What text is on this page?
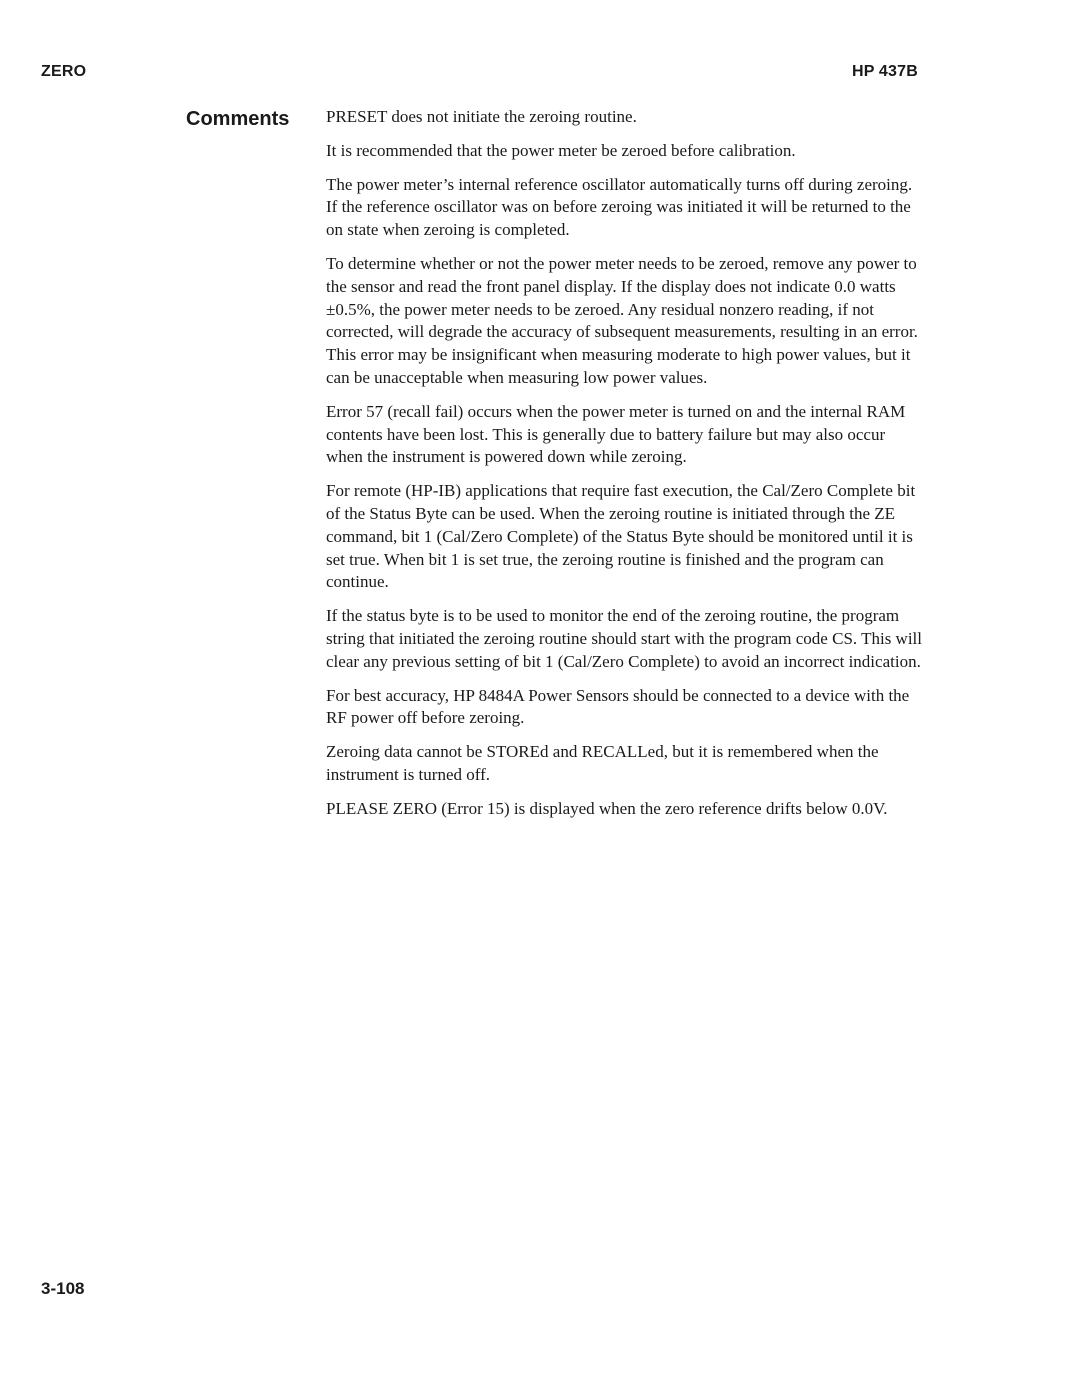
ZERO	HP 437B
Comments PRESET does not initiate the zeroing routine.

It is recommended that the power meter be zeroed before calibration.

The power meter’s internal reference oscillator automatically turns off during zeroing. If the reference oscillator was on before zeroing was initiated it will be returned to the on state when zeroing is completed.

To determine whether or not the power meter needs to be zeroed, remove any power to the sensor and read the front panel display. If the display does not indicate 0.0 watts ±0.5%, the power meter needs to be zeroed. Any residual nonzero reading, if not corrected, will degrade the accuracy of subsequent measurements, resulting in an error. This error may be insignificant when measuring moderate to high power values, but it can be unacceptable when measuring low power values.

Error 57 (recall fail) occurs when the power meter is turned on and the internal RAM contents have been lost. This is generally due to battery failure but may also occur when the instrument is powered down while zeroing.

For remote (HP-IB) applications that require fast execution, the Cal/Zero Complete bit of the Status Byte can be used. When the zeroing routine is initiated through the ZE command, bit 1 (Cal/Zero Complete) of the Status Byte should be monitored until it is set true. When bit 1 is set true, the zeroing routine is finished and the program can continue.

If the status byte is to be used to monitor the end of the zeroing routine, the program string that initiated the zeroing routine should start with the program code CS. This will clear any previous setting of bit 1 (Cal/Zero Complete) to avoid an incorrect indication.

For best accuracy, HP 8484A Power Sensors should be connected to a device with the RF power off before zeroing.

Zeroing data cannot be STOREd and RECALLed, but it is remembered when the instrument is turned off.

PLEASE ZERO (Error 15) is displayed when the zero reference drifts below 0.0V.

3-108
